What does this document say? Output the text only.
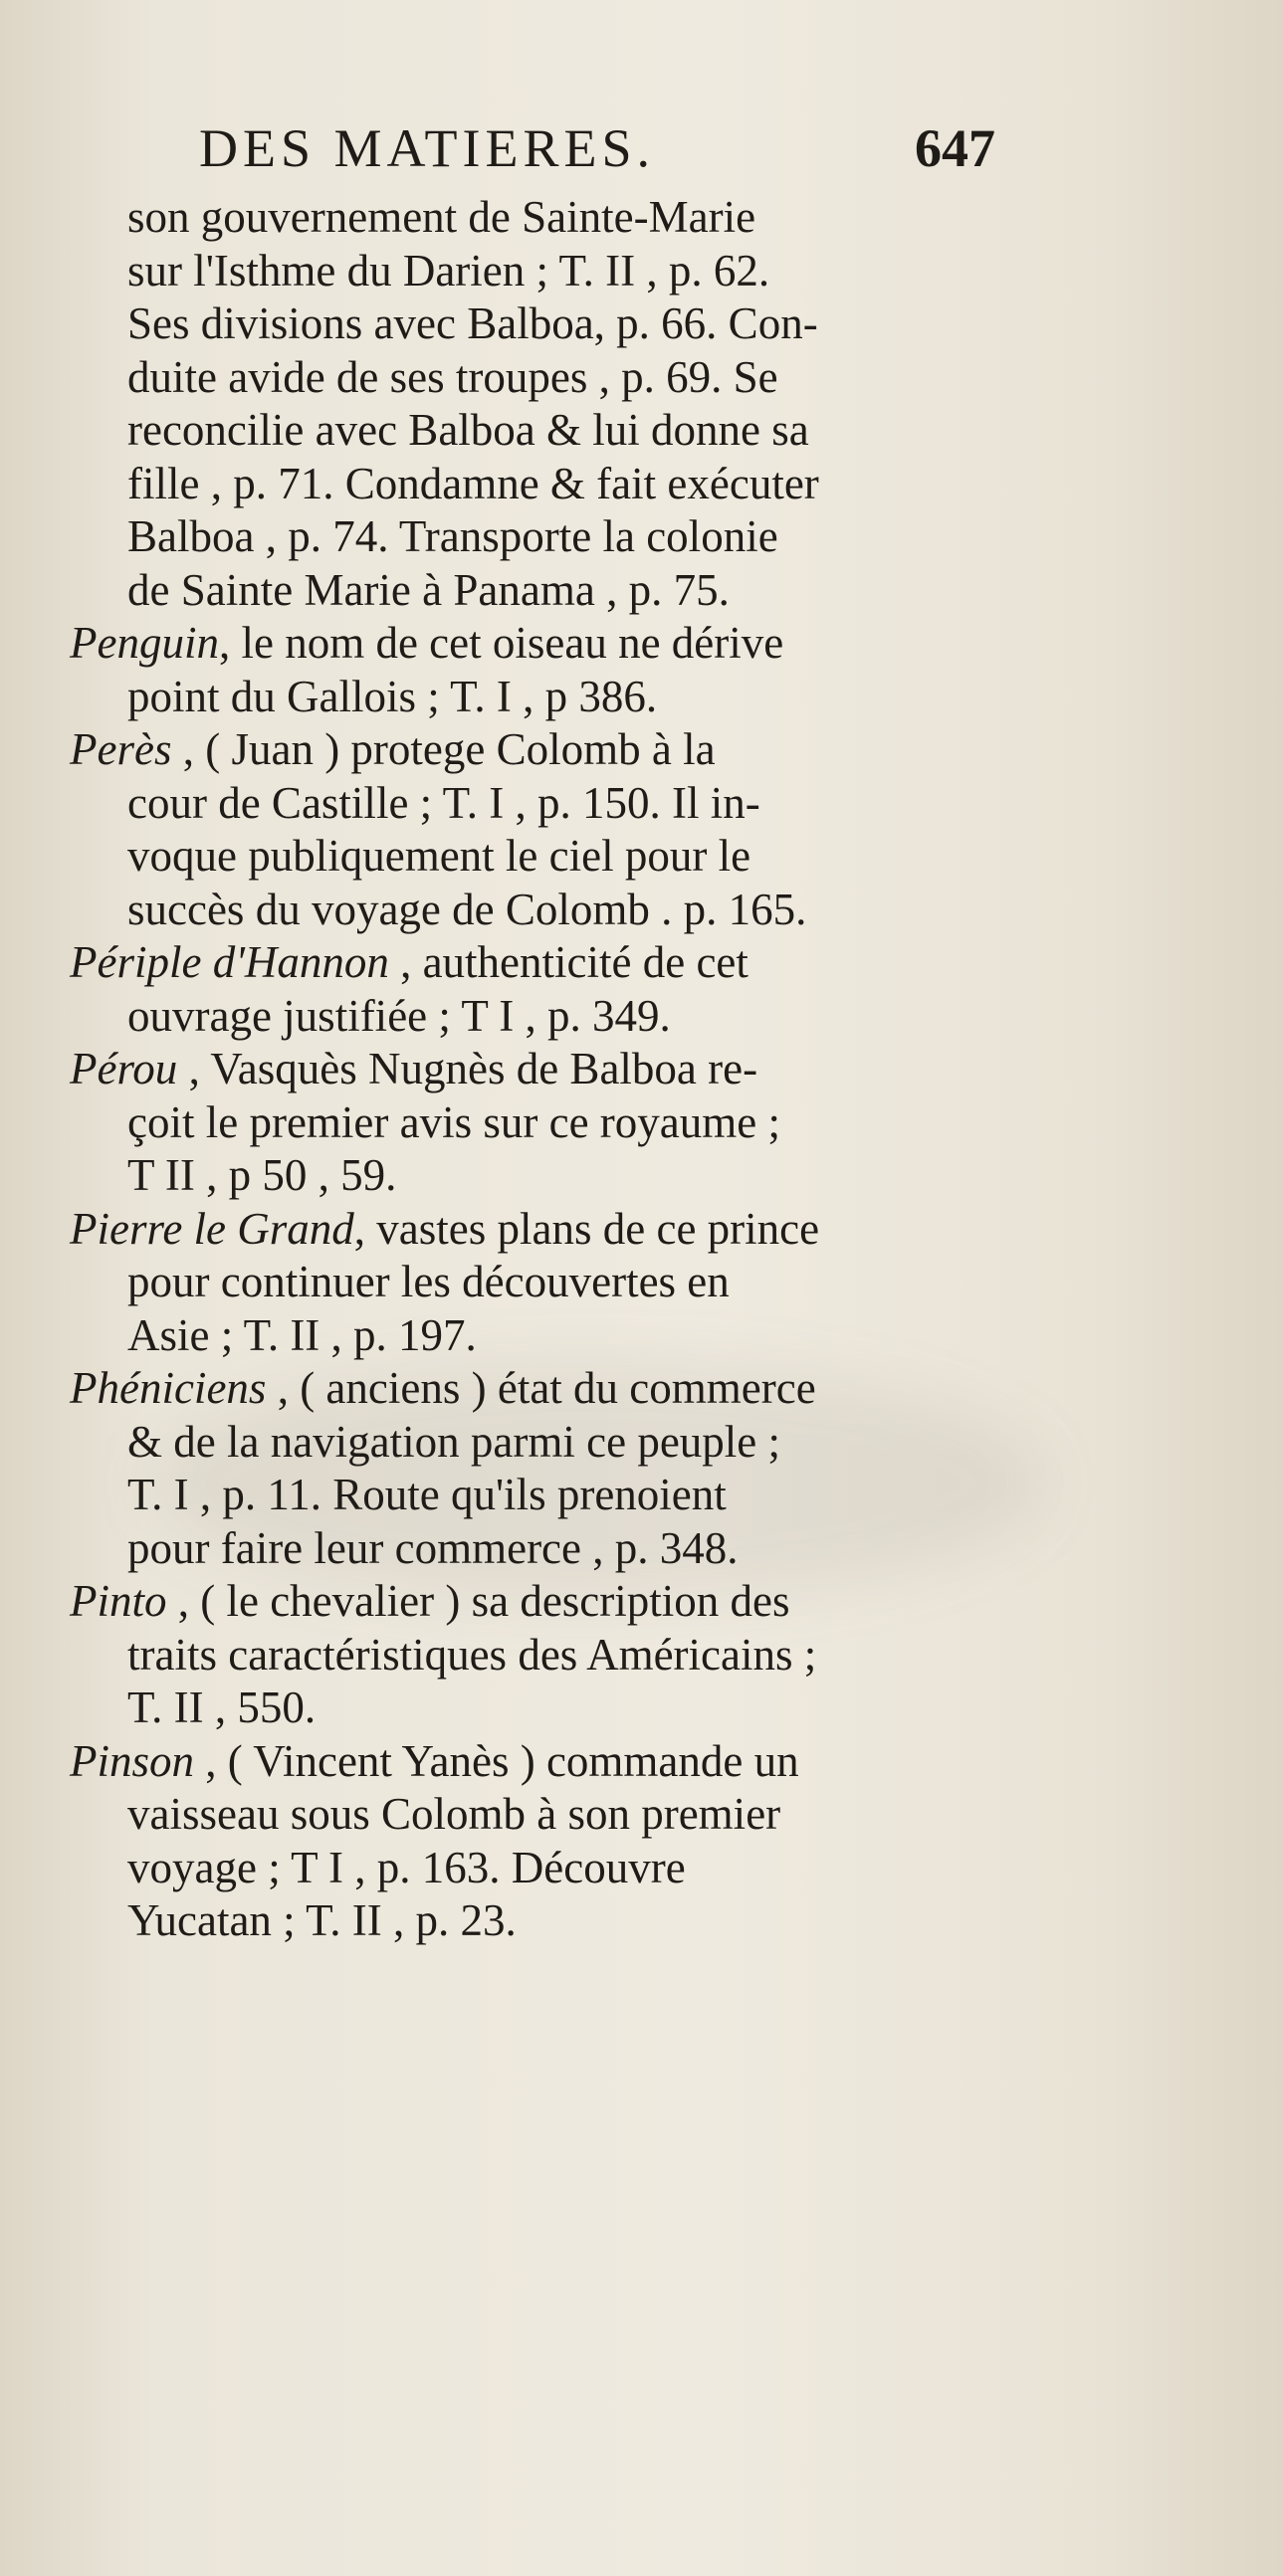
DES MATIERES.	647
son gouvernement de Sainte-Marie
sur l'Isthme du Darien ; T. II , p. 62.
Ses divisions avec Balboa, p. 66. Con-
duite avide de ses troupes , p. 69. Se
reconcilie avec Balboa & lui donne sa
fille , p. 71. Condamne & fait exécuter
Balboa , p. 74. Transporte la colonie
de Sainte Marie à Panama , p. 75.
Penguin, le nom de cet oiseau ne dérive
point du Gallois ; T. I , p 386.
Perès , ( Juan ) protege Colomb à la
cour de Castille ; T. I , p. 150. Il in-
voque publiquement le ciel pour le
succès du voyage de Colomb . p. 165.
Périple d'Hannon , authenticité de cet
ouvrage justifiée ; T I , p. 349.
Pérou , Vasquès Nugnès de Balboa re-
çoit le premier avis sur ce royaume ;
T II , p 50 , 59.
Pierre le Grand, vastes plans de ce prince
pour continuer les découvertes en
Asie ; T. II , p. 197.
Phéniciens , ( anciens ) état du commerce
& de la navigation parmi ce peuple ;
T. I , p. 11. Route qu'ils prenoient
pour faire leur commerce , p. 348.
Pinto , ( le chevalier ) sa description des
traits caractéristiques des Américains ;
T. II , 550.
Pinson , ( Vincent Yanès ) commande un
vaisseau sous Colomb à son premier
voyage ; T I , p. 163. Découvre
Yucatan ; T. II , p. 23.
